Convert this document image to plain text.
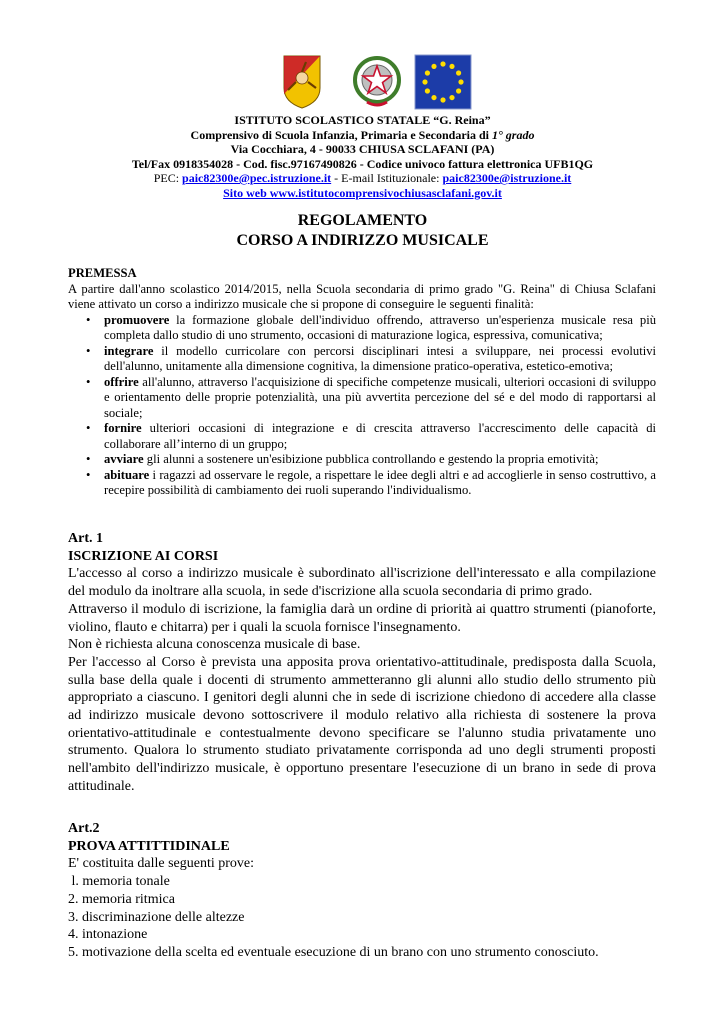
ISTITUTO SCOLASTICO STATALE “G. Reina”
Comprensivo di Scuola Infanzia, Primaria e Secondaria di 1° grado
Via Cocchiara, 4 - 90033 CHIUSA SCLAFANI (PA)
Tel/Fax 0918354028 - Cod. fisc.97167490826 - Codice univoco fattura elettronica UFB1QG
PEC: paic82300e@pec.istruzione.it - E-mail Istituzionale: paic82300e@istruzione.it
Sito web www.istitutocomprensivochiusasclafani.gov.it
REGOLAMENTO
CORSO A INDIRIZZO MUSICALE
PREMESSA
A partire dall'anno scolastico 2014/2015, nella Scuola secondaria di primo grado "G. Reina" di Chiusa Sclafani viene attivato un corso a indirizzo musicale che si propone di conseguire le seguenti finalità:
• promuovere la formazione globale dell'individuo offrendo, attraverso un'esperienza musicale resa più completa dallo studio di uno strumento, occasioni di maturazione logica, espressiva, comunicativa;
• integrare il modello curricolare con percorsi disciplinari intesi a sviluppare, nei processi evolutivi dell'alunno, unitamente alla dimensione cognitiva, la dimensione pratico-operativa, estetico-emotiva;
• offrire all'alunno, attraverso l'acquisizione di specifiche competenze musicali, ulteriori occasioni di sviluppo e orientamento delle proprie potenzialità, una più avvertita percezione del sé e del modo di rapportarsi al sociale;
• fornire ulteriori occasioni di integrazione e di crescita attraverso l'accrescimento delle capacità di collaborare all’interno di un gruppo;
• avviare gli alunni a sostenere un'esibizione pubblica controllando e gestendo la propria emotività;
• abituare i ragazzi ad osservare le regole, a rispettare le idee degli altri e ad accoglierle in senso costruttivo, a recepire possibilità di cambiamento dei ruoli superando l'individualismo.
Art. 1
ISCRIZIONE AI CORSI

L'accesso al corso a indirizzo musicale è subordinato all'iscrizione dell'interessato e alla compilazione del modulo da inoltrare alla scuola, in sede d'iscrizione alla scuola secondaria di primo grado.

Attraverso il modulo di iscrizione, la famiglia darà un ordine di priorità ai quattro strumenti (pianoforte, violino, flauto e chitarra) per i quali la scuola fornisce l'insegnamento.

Non è richiesta alcuna conoscenza musicale di base.

Per l'accesso al Corso è prevista una apposita prova orientativo-attitudinale, predisposta dalla Scuola, sulla base della quale i docenti di strumento ammetteranno gli alunni allo studio dello strumento più appropriato a ciascuno. I genitori degli alunni che in sede di iscrizione chiedono di accedere alla classe ad indirizzo musicale devono sottoscrivere il modulo relativo alla richiesta di sostenere la prova orientativo-attitudinale e contestualmente devono specificare se l'alunno studia privatamente uno strumento. Qualora lo strumento studiato privatamente corrisponda ad uno degli strumenti proposti nell'ambito dell'indirizzo musicale, è opportuno presentare l'esecuzione di un brano in sede di prova attitudinale.

Art.2
PROVA ATTITTIDINALE
E' costituita dalle seguenti prove:
l. memoria tonale
2. memoria ritmica
3. discriminazione delle altezze
4. intonazione
5. motivazione della scelta ed eventuale esecuzione di un brano con uno strumento conosciuto.
